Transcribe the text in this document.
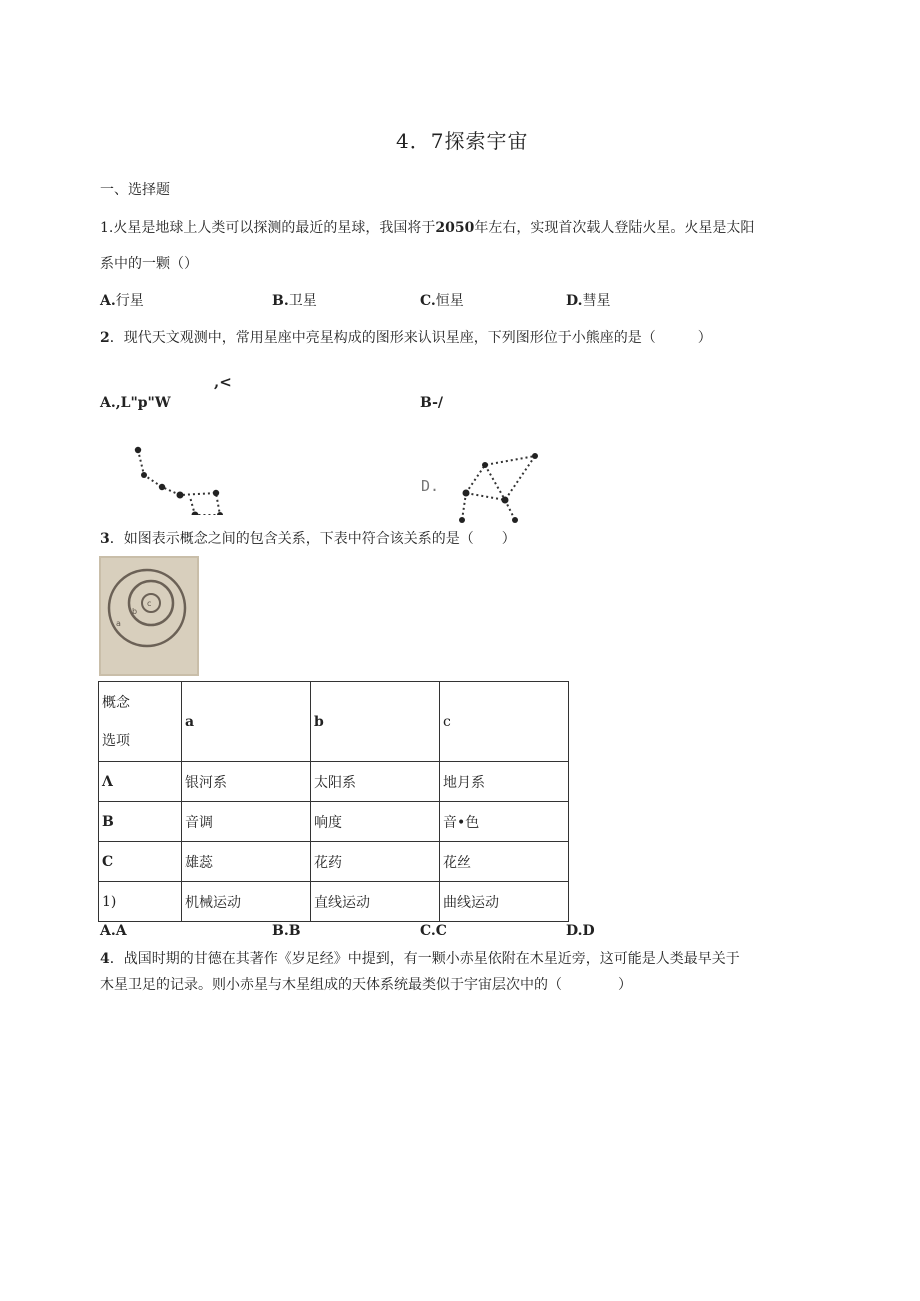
4．7探索宇宙
一、选择题
1.火星是地球上人类可以探测的最近的星球，我国将于2050年左右，实现首次载人登陆火星。火星是太阳
系中的一颗（）
A.行星	B.卫星	C.恒星	D.彗星
2．现代天文观测中，常用星座中亮星构成的图形来认识星座，下列图形位于小熊座的是（　　　）
,<
A.,L"p"W	B-/
D.
3．如图表示概念之间的包含关系，下表中符合该关系的是（　　）
a
b
c
概念
选项	a	b	c
Λ	银河系	太阳系	地月系
B	音调	响度	音•色
C	雄蕊	花药	花丝
1)	机械运动	直线运动	曲线运动
A.A	B.B	C.C	D.D
4．战国时期的甘德在其著作《岁足经》中提到，有一颗小赤星依附在木星近旁，这可能是人类最早关于
木星卫足的记录。则小赤星与木星组成的天体系统最类似于宇宙层次中的（　　　　）
